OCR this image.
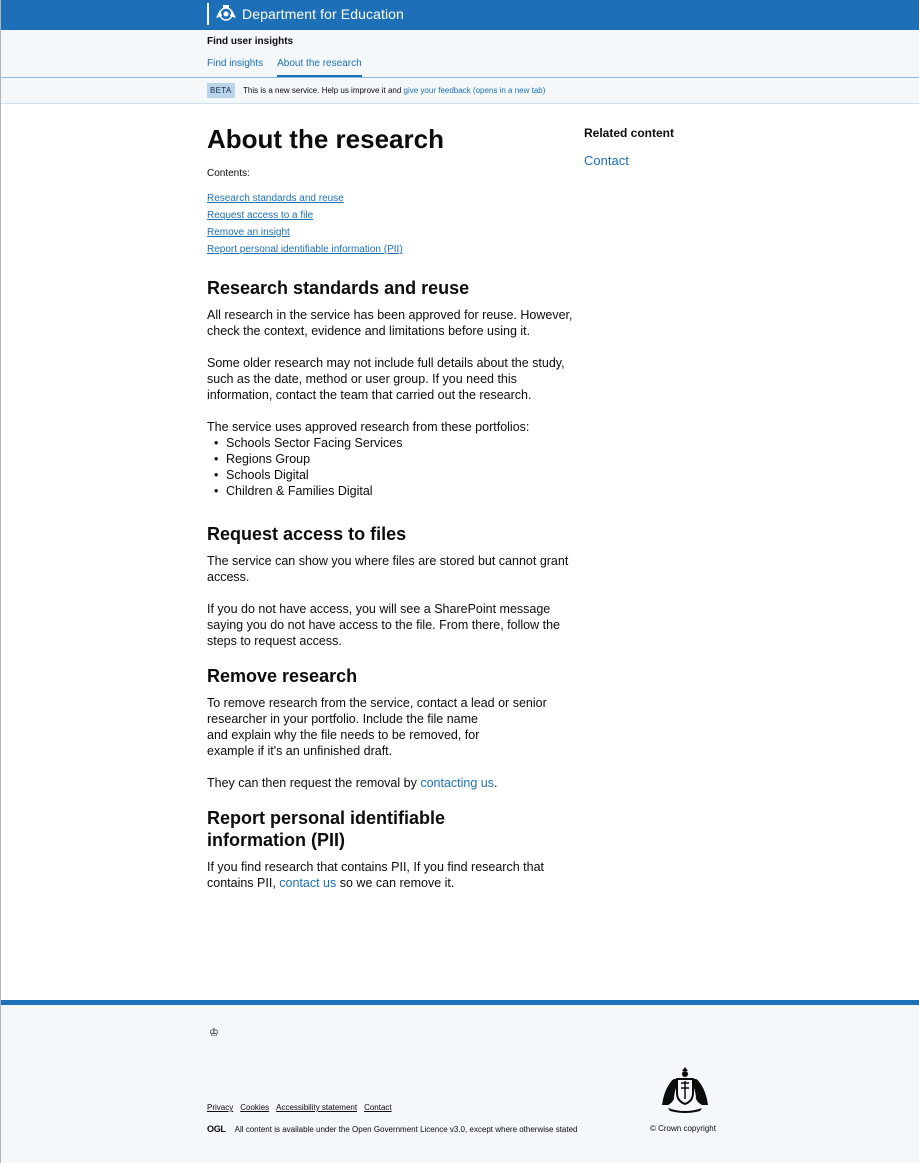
Department for Education
Find user insights
Find insights About the research
BETA	This is a new service. Help us improve it and give your feedback (opens in a new tab)
About the research
Contents:
Research standards and reuse
Request access to a file
Remove an insight
Report personal identifiable information (PII)
Research standards and reuse

All research in the service has been approved for reuse. However, check the context, evidence and limitations before using it.

Some older research may not include full details about the study, such as the date, method or user group. If you need this information, contact the team that carried out the research.

The service uses approved research from these portfolios:

• Schools Sector Facing Services
• Regions Group
• Schools Digital
• Children & Families Digital
Request access to files

The service can show you where files are stored but cannot grant access.

If you do not have access, you will see a SharePoint message saying you do not have access to the file. From there, follow the steps to request access.

Remove research

To remove research from the service, contact a lead or senior researcher in your portfolio. Include the file name
and explain why the file needs to be removed, for
example if it's an unfinished draft.

They can then request the removal by contacting us.

Report personal identifiable information (PII)

If you find research that contains PII, If you find research that contains PII, contact us so we can remove it.

Related content
Contact
♔
Privacy Cookies Accessibility statement Contact
OGL All content is available under the Open Government Licence v3.0, except where otherwise stated	© Crown copyright
